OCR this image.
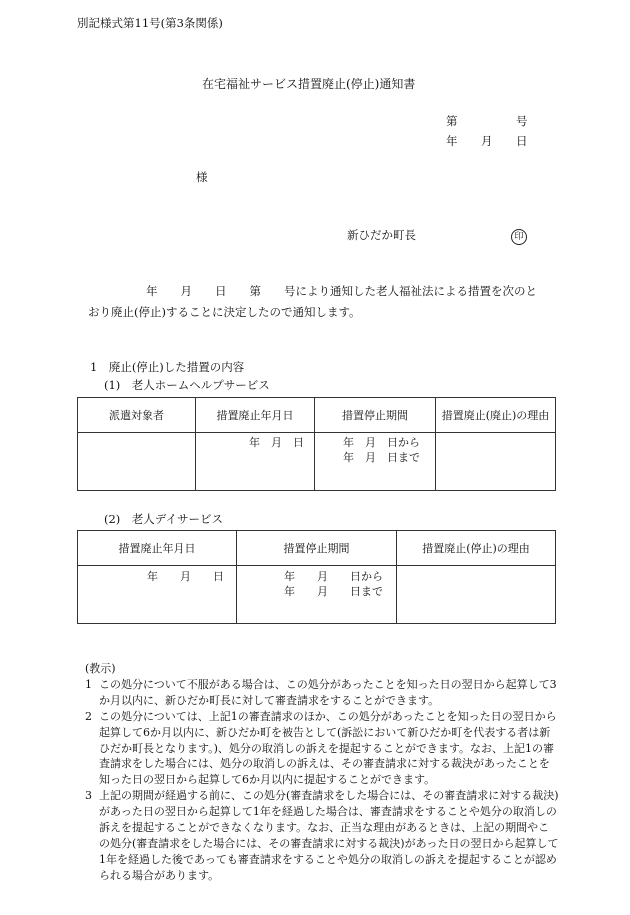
別記様式第11号(第3条関係)
在宅福祉サービス措置廃止(停止)通知書
第	号
年 月 日
様
新ひだか町長	印

年　　月　　日　　第　　号により通知した老人福祉法による措置を次のと

おり廃止(停止)することに決定したので通知します。

1　廃止(停止)した措置の内容
(1)　老人ホームヘルプサービス
派遣対象者	措置廃止年月日	措置停止期間	措置廃止(廃止)の理由

	年　月　日	年　月　日から
年　月　日まで	

(2)　老人デイサービス
措置廃止年月日	措置停止期間	措置廃止(停止)の理由

年　　月　　日	年　　月　　日から
年　　月　　日まで	

(教示)

1 この処分について不服がある場合は、この処分があったことを知った日の翌日から起算して3か月以内に、新ひだか町長に対して審査請求をすることができます。

2 この処分については、上記1の審査請求のほか、この処分があったことを知った日の翌日から起算して6か月以内に、新ひだか町を被告として(訴訟において新ひだか町を代表する者は新ひだか町長となります。)、処分の取消しの訴えを提起することができます。なお、上記1の審査請求をした場合には、処分の取消しの訴えは、その審査請求に対する裁決があったことを知った日の翌日から起算して6か月以内に提起することができます。

3 上記の期間が経過する前に、この処分(審査請求をした場合には、その審査請求に対する裁決)があった日の翌日から起算して1年を経過した場合は、審査請求をすることや処分の取消しの訴えを提起することができなくなります。なお、正当な理由があるときは、上記の期間やこの処分(審査請求をした場合には、その審査請求に対する裁決)があった日の翌日から起算して1年を経過した後であっても審査請求をすることや処分の取消しの訴えを提起することが認められる場合があります。
